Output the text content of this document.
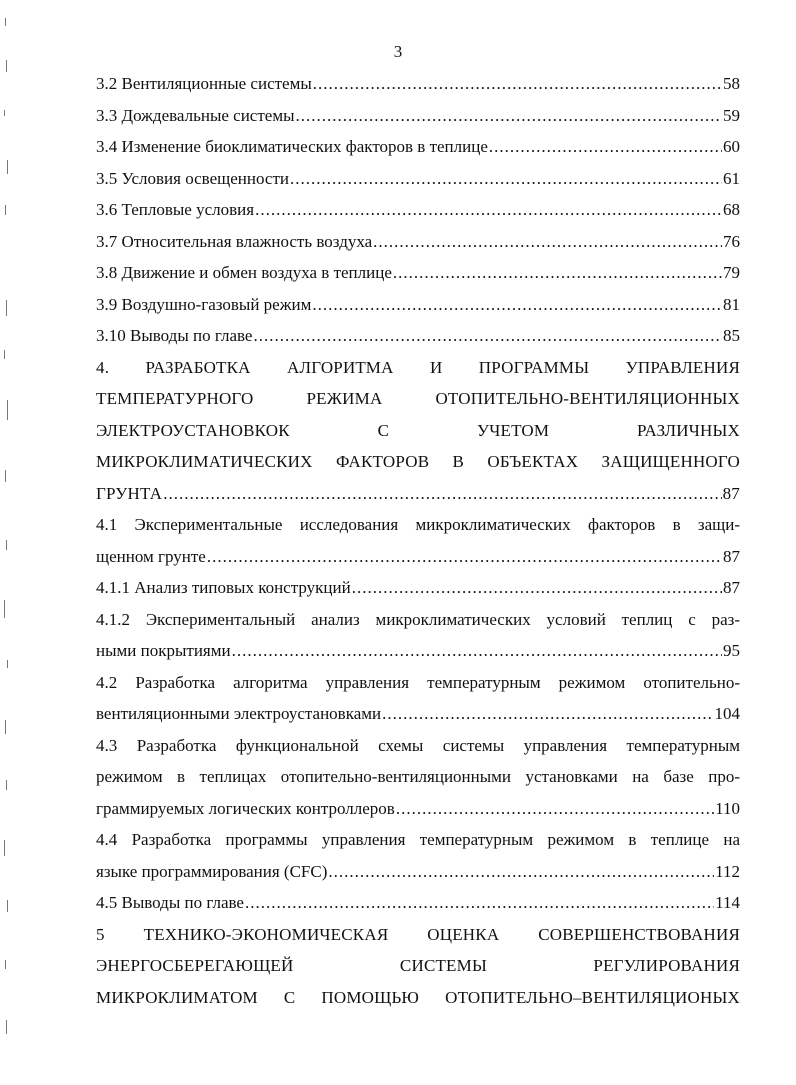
3
3.2 Вентиляционные системы .....	58
3.3 Дождевальные системы .....	59
3.4 Изменение биоклиматических факторов в теплице .....	60
3.5 Условия освещенности .....	61
3.6 Тепловые условия .....	68
3.7 Относительная влажность воздуха .....	76
3.8 Движение и обмен воздуха в теплице .....	79
3.9 Воздушно-газовый режим .....	81
3.10 Выводы по главе .....	85
4. РАЗРАБОТКА АЛГОРИТМА И ПРОГРАММЫ УПРАВЛЕНИЯ
ТЕМПЕРАТУРНОГО РЕЖИМА ОТОПИТЕЛЬНО-ВЕНТИЛЯЦИОННЫХ
ЭЛЕКТРОУСТАНОВКОК С УЧЕТОМ РАЗЛИЧНЫХ
МИКРОКЛИМАТИЧЕСКИХ ФАКТОРОВ В ОБЪЕКТАХ ЗАЩИЩЕННОГО
ГРУНТА .....	87
4.1 Экспериментальные исследования микроклиматических факторов в защи-
щенном грунте .....	87
4.1.1 Анализ типовых конструкций .....	87
4.1.2 Экспериментальный анализ микроклиматических условий теплиц с раз-
ными покрытиями .....	95
4.2 Разработка алгоритма управления температурным режимом отопительно-
вентиляционными электроустановками .....	104
4.3 Разработка функциональной схемы системы управления температурным
режимом в теплицах отопительно-вентиляционными установками на базе про-
граммируемых логических контроллеров .....	110
4.4 Разработка программы управления температурным режимом в теплице на
языке программирования (CFC) .....	112
4.5 Выводы по главе .....	114
5 ТЕХНИКО-ЭКОНОМИЧЕСКАЯ ОЦЕНКА СОВЕРШЕНСТВОВАНИЯ
ЭНЕРГОСБЕРЕГАЮЩЕЙ СИСТЕМЫ РЕГУЛИРОВАНИЯ
МИКРОКЛИМАТОМ С ПОМОЩЬЮ ОТОПИТЕЛЬНО–ВЕНТИЛЯЦИОНЫХ
